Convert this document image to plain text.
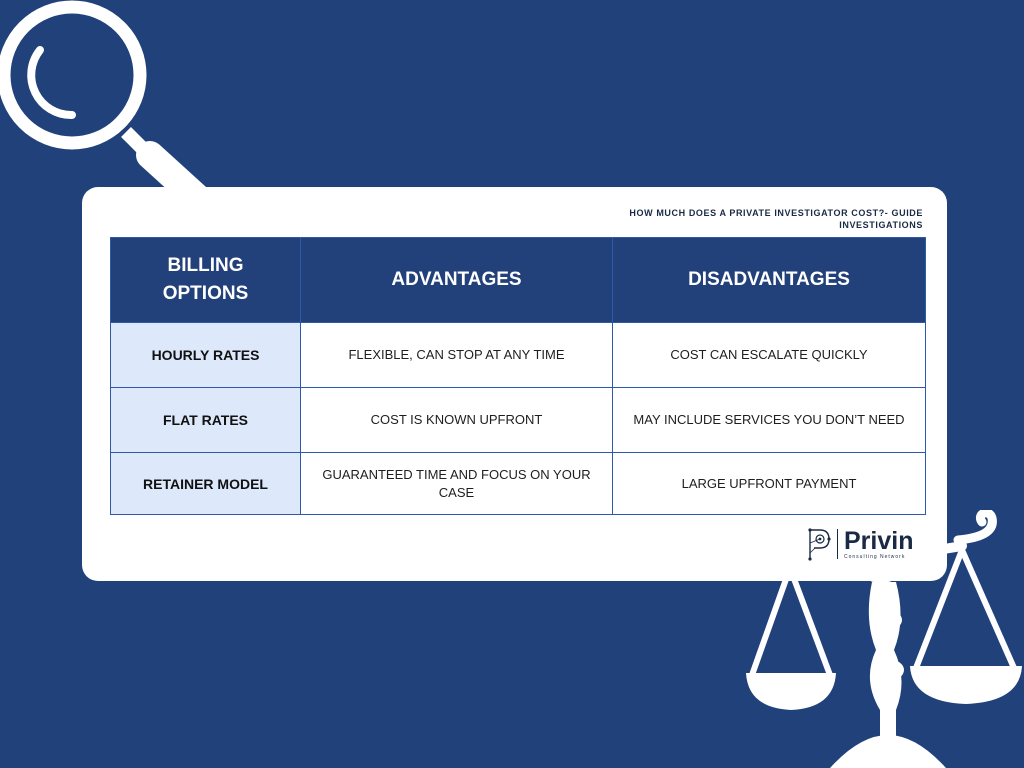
HOW MUCH DOES A PRIVATE INVESTIGATOR COST?- GUIDE INVESTIGATIONS
BILLING OPTIONS	ADVANTAGES	DISADVANTAGES
HOURLY RATES	FLEXIBLE, CAN STOP AT ANY TIME	COST CAN ESCALATE QUICKLY
FLAT RATES	COST IS KNOWN UPFRONT	MAY INCLUDE SERVICES YOU DON’T NEED
RETAINER MODEL	GUARANTEED TIME AND FOCUS ON YOUR CASE	LARGE UPFRONT PAYMENT
Privin
Consulting Network
